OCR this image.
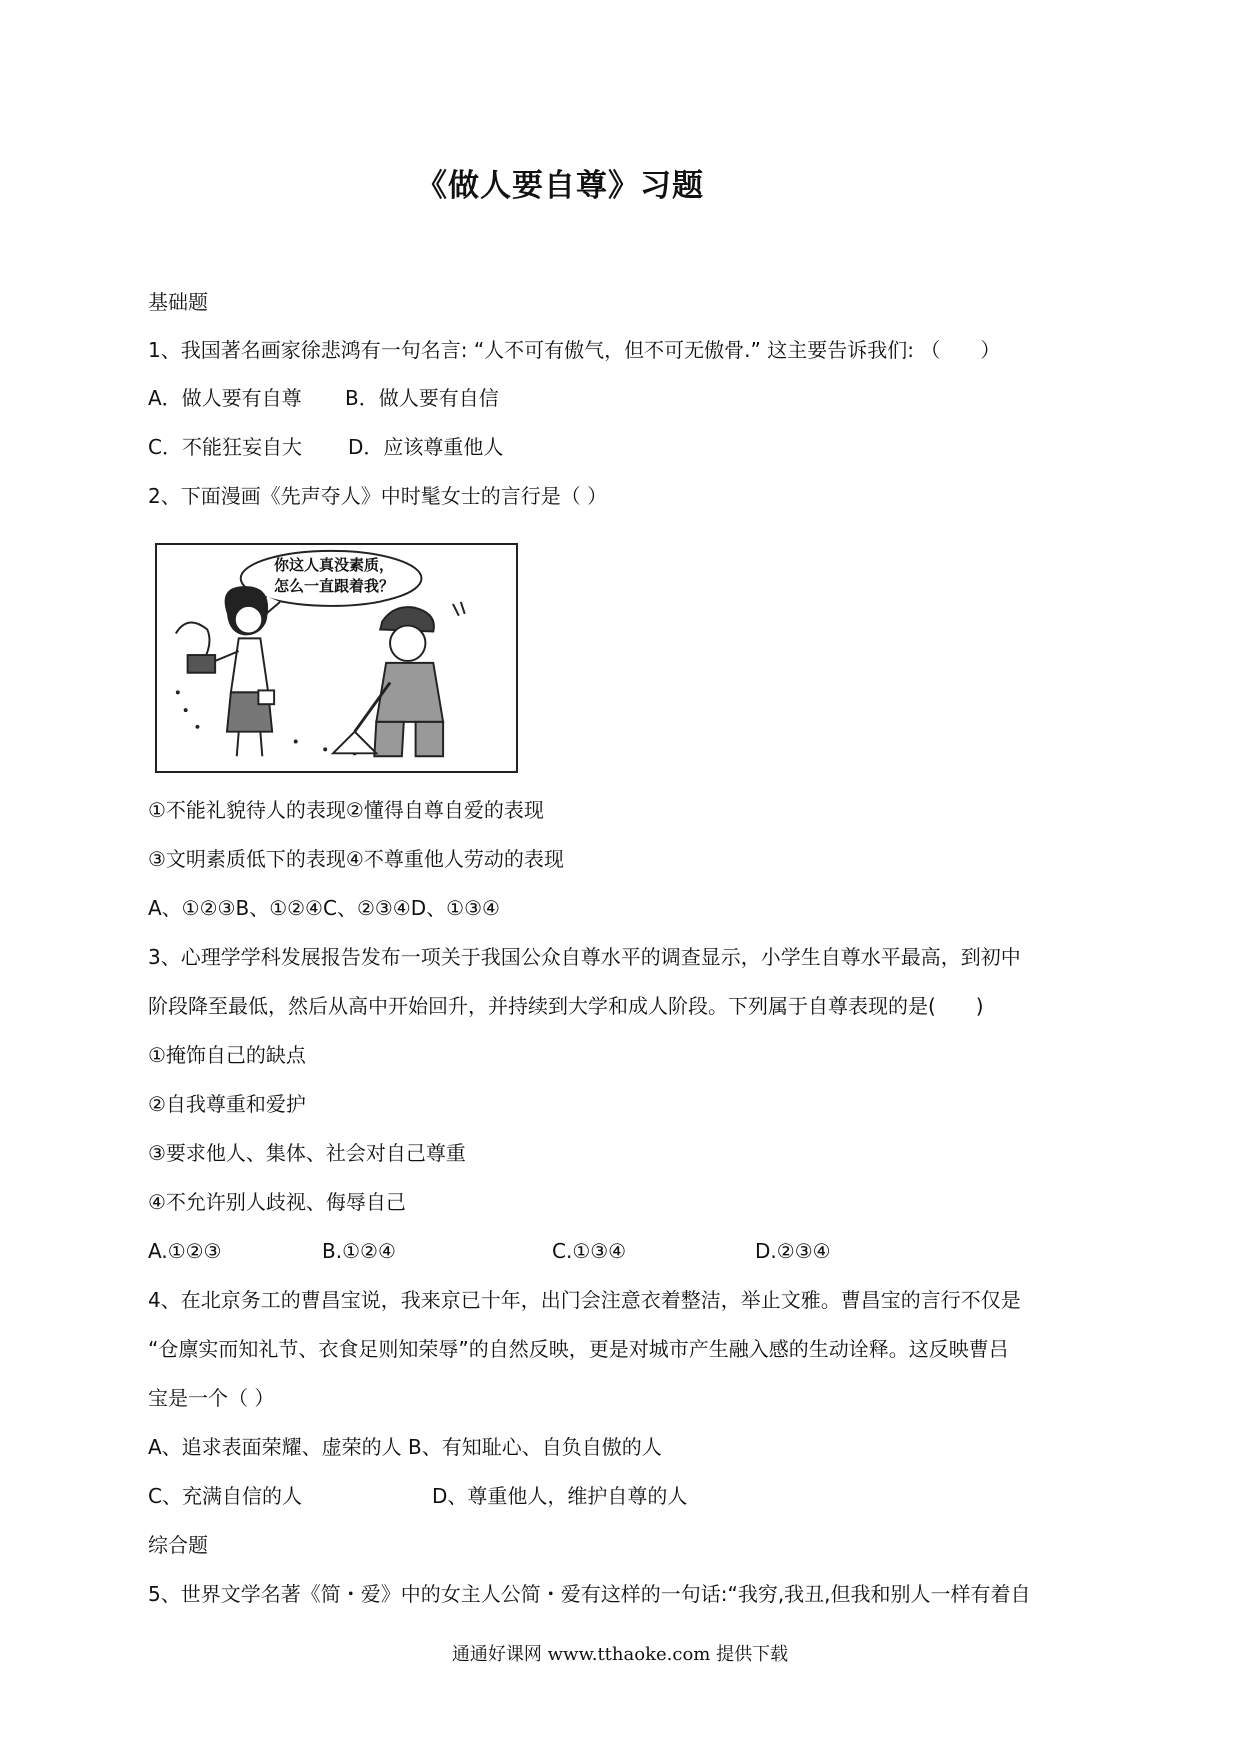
《做人要自尊》习题
基础题
1、我国著名画家徐悲鸿有一句名言: “人不可有傲气，但不可无傲骨.” 这主要告诉我们: （　　）
A．做人要有自尊 B．做人要有自信
C．不能狂妄自大 D．应该尊重他人
2、下面漫画《先声夺人》中时髦女士的言行是（ ）
你这人真没素质，
怎么一直跟着我？
①不能礼貌待人的表现②懂得自尊自爱的表现
③文明素质低下的表现④不尊重他人劳动的表现
A、①②③B、①②④C、②③④D、①③④
3、心理学学科发展报告发布一项关于我国公众自尊水平的调查显示，小学生自尊水平最高，到初中
阶段降至最低，然后从高中开始回升，并持续到大学和成人阶段。下列属于自尊表现的是(　　)
①掩饰自己的缺点
②自我尊重和爱护
③要求他人、集体、社会对自己尊重
④不允许别人歧视、侮辱自己
A.①②③	B.①②④	C.①③④	D.②③④
4、在北京务工的曹昌宝说，我来京已十年，出门会注意衣着整洁，举止文雅。曹昌宝的言行不仅是
“仓廪实而知礼节、衣食足则知荣辱”的自然反映，更是对城市产生融入感的生动诠释。这反映曹吕
宝是一个（ ）
A、追求表面荣耀、虚荣的人 B、有知耻心、自负自傲的人
C、充满自信的人	D、尊重他人，维护自尊的人
综合题
5、世界文学名著《简・爱》中的女主人公简・爱有这样的一句话:“我穷,我丑,但我和别人一样有着自
通通好课网 www.tthaoke.com 提供下载
